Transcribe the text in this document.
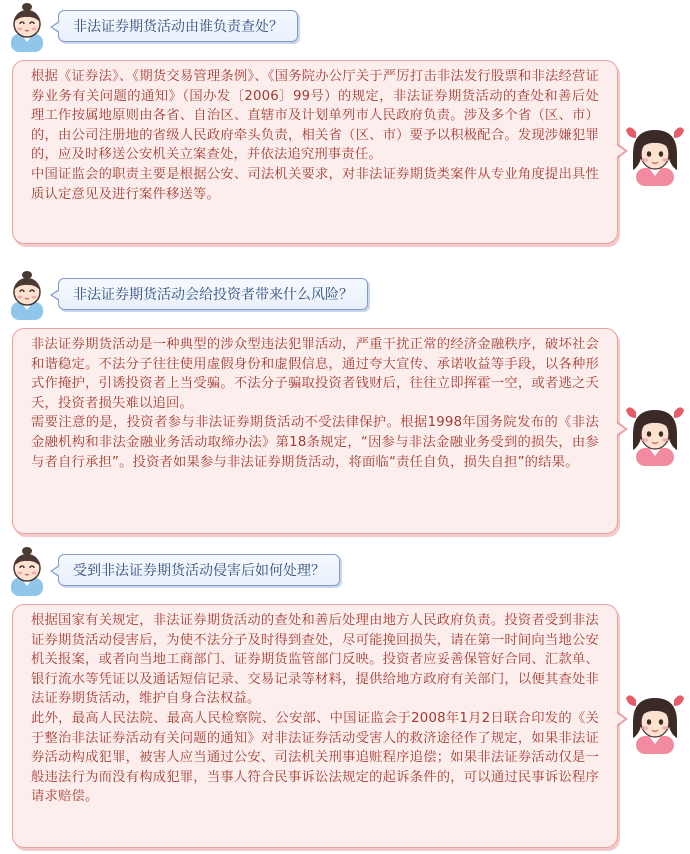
非法证券期货活动由谁负责查处？

根据《证券法》、《期货交易管理条例》、《国务院办公厅关于严厉打击非法发行股票和非法经营证券业务有关问题的通知》（国办发〔2006〕99号）的规定，非法证券期货活动的查处和善后处理工作按属地原则由各省、自治区、直辖市及计划单列市人民政府负责。涉及多个省（区、市）的，由公司注册地的省级人民政府牵头负责，相关省（区、市）要予以积极配合。发现涉嫌犯罪的，应及时移送公安机关立案查处，并依法追究刑事责任。

中国证监会的职责主要是根据公安、司法机关要求，对非法证券期货类案件从专业角度提出具性质认定意见及进行案件移送等。

非法证券期货活动会给投资者带来什么风险？

非法证券期货活动是一种典型的涉众型违法犯罪活动，严重干扰正常的经济金融秩序，破坏社会和谐稳定。不法分子往往使用虚假身份和虚假信息，通过夸大宣传、承诺收益等手段，以各种形式作掩护，引诱投资者上当受骗。不法分子骗取投资者钱财后，往往立即挥霍一空，或者逃之夭夭，投资者损失难以追回。

需要注意的是，投资者参与非法证券期货活动不受法律保护。根据1998年国务院发布的《非法金融机构和非法金融业务活动取缔办法》第18条规定，“因参与非法金融业务受到的损失，由参与者自行承担”。投资者如果参与非法证券期货活动，将面临“责任自负，损失自担”的结果。

受到非法证券期货活动侵害后如何处理？

根据国家有关规定，非法证券期货活动的查处和善后处理由地方人民政府负责。投资者受到非法证券期货活动侵害后，为使不法分子及时得到查处，尽可能挽回损失，请在第一时间向当地公安机关报案，或者向当地工商部门、证券期货监管部门反映。投资者应妥善保管好合同、汇款单、银行流水等凭证以及通话短信记录、交易记录等材料，提供给地方政府有关部门，以便其查处非法证券期货活动，维护自身合法权益。

此外，最高人民法院、最高人民检察院、公安部、中国证监会于2008年1月2日联合印发的《关于整治非法证券活动有关问题的通知》对非法证券活动受害人的救济途径作了规定，如果非法证券活动构成犯罪，被害人应当通过公安、司法机关刑事追赃程序追偿；如果非法证券活动仅是一般违法行为而没有构成犯罪，当事人符合民事诉讼法规定的起诉条件的，可以通过民事诉讼程序请求赔偿。
